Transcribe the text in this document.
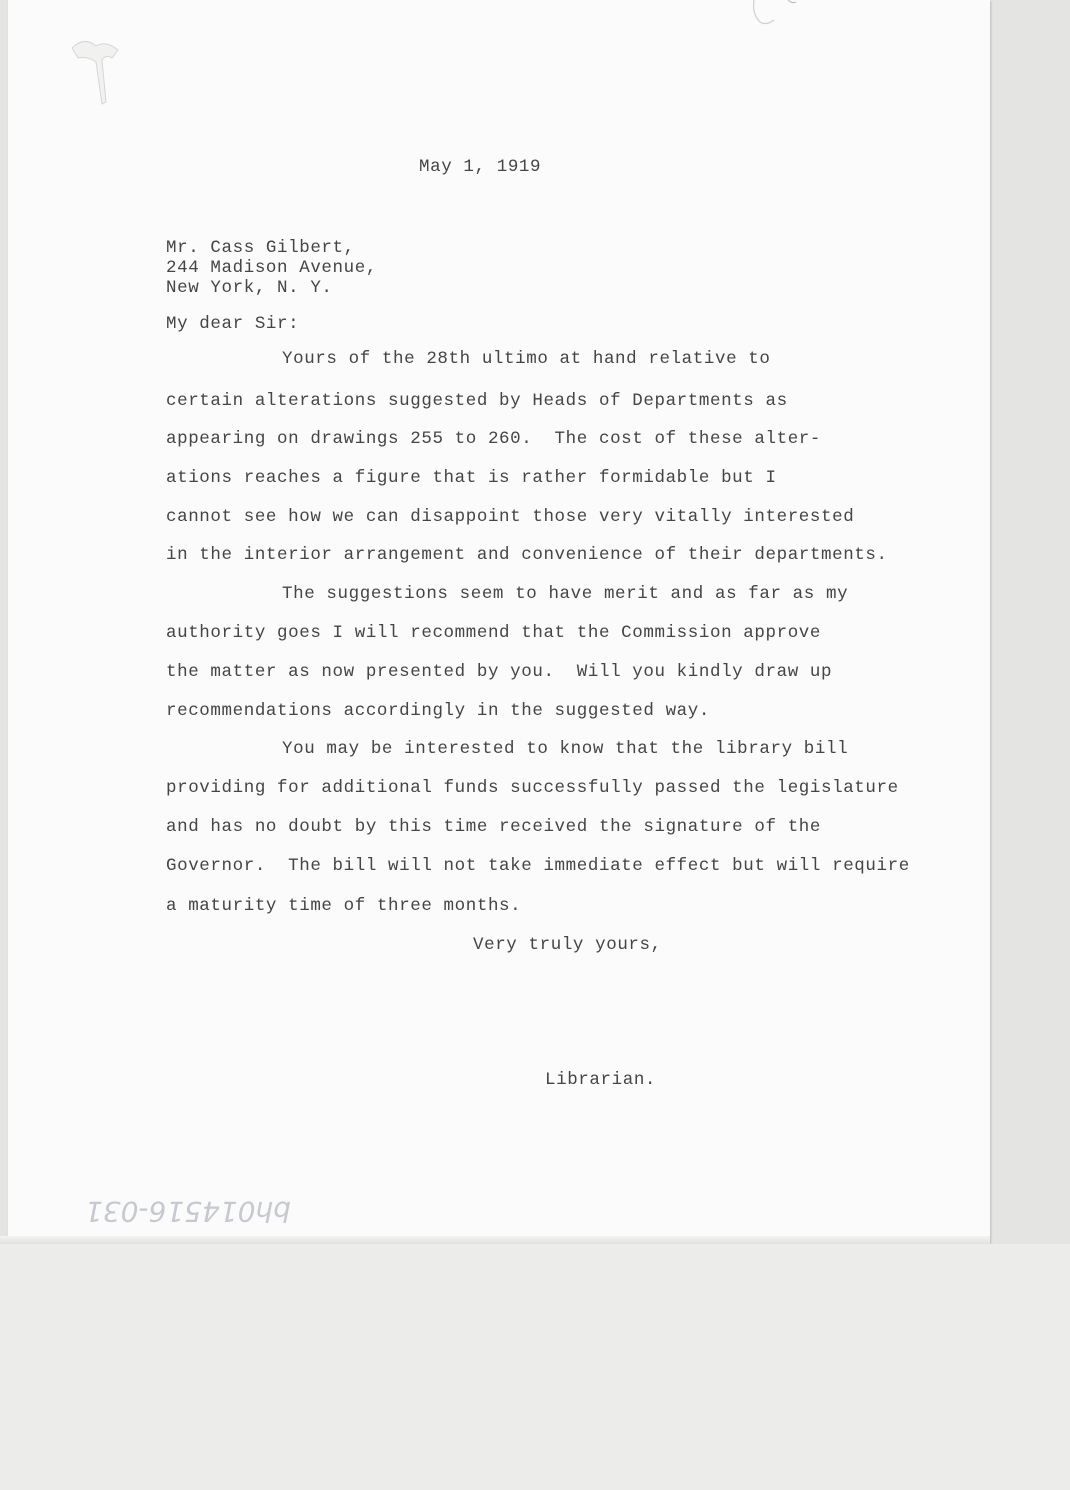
May 1, 1919
Mr. Cass Gilbert,
244 Madison Avenue,
New York, N. Y.
My dear Sir:
Yours of the 28th ultimo at hand relative to
certain alterations suggested by Heads of Departments as
appearing on drawings 255 to 260.  The cost of these alter-
ations reaches a figure that is rather formidable but I
cannot see how we can disappoint those very vitally interested
in the interior arrangement and convenience of their departments.
The suggestions seem to have merit and as far as my
authority goes I will recommend that the Commission approve
the matter as now presented by you.  Will you kindly draw up
recommendations accordingly in the suggested way.
You may be interested to know that the library bill
providing for additional funds successfully passed the legislature
and has no doubt by this time received the signature of the
Governor.  The bill will not take immediate effect but will require
a maturity time of three months.
Very truly yours,
Librarian.
bh014516-031
